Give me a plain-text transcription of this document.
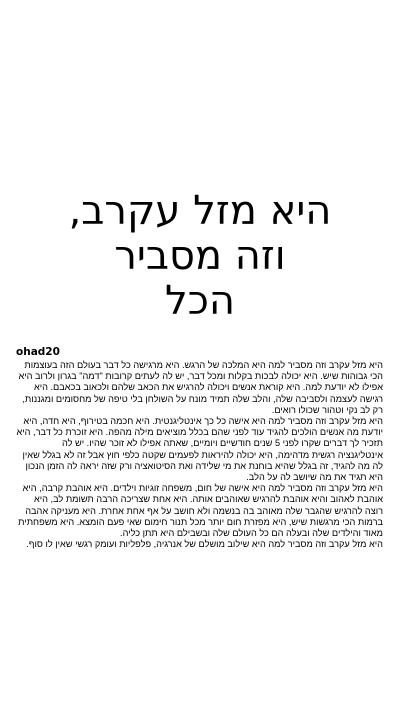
היא מזל עקרב,
וזה מסביר
הכל
ohad20

היא מזל עקרב וזה מסביר למה היא המלכה של הרגש. היא מרגישה כל דבר בעולם הזה בעוצמות הכי גבוהות שיש. היא יכולה לבכות בקלות ומכל דבר, יש לה לעתים קרובות "דמה" בגרון ולרוב היא אפילו לא יודעת למה. היא קוראת אנשים ויכולה להרגיש את הכאב שלהם ולכאוב בכאבם. היא רגישה לעצמה ולסביבה שלה, והלב שלה תמיד מונח על השולחן בלי טיפה של מחסומים ומגננות, רק לב נקי וטהור שכולו רואים.

היא מזל עקרב וזה מסביר למה היא אישה כל כך אינטליגנטית. היא חכמה בטירוף, היא חדה, היא יודעת מה אנשים הולכים להגיד עוד לפני שהם בכלל מוציאים מילה מהפה. היא זוכרת כל דבר, היא תזכיר לך דברים שקרו לפני 5 שנים חודשיים ויומיים, שאתה אפילו לא זוכר שהיו. יש לה אינטליגנציה רגשית מדהימה, היא יכולה להיראות לפעמים שקטה כלפי חוץ אבל זה לא בגלל שאין לה מה להגיד, זה בגלל שהיא בוחנת את מי שלידה ואת הסיטואציה ורק שזה יראה לה הזמן הנכון היא תגיד את מה שיושב לה על הלב.

היא מזל עקרב וזה מסביר למה היא אישה של חום, משפחה זוגיות וילדים. היא אוהבת קרבה, היא אוהבת לאהוב והיא אוהבת להרגיש שאוהבים אותה. היא אחת שצריכה הרבה תשומת לב, היא רוצה להרגיש שהגבר שלה מאוהב בה בנשמה ולא חושב על אף אחת אחרת. היא מעניקה אהבה ברמות הכי מרגשות שיש, היא מפזרת חום יותר מכל תנור חימום שאי פעם הומצא. היא משפחתית מאוד והילדים שלה ובעלה הם כל העולם שלה ובשבילם היא תתן כליה.

היא מזל עקרב וזה מסביר למה היא שילוב מושלם של אנרגיה, פלפליות ועומק רגשי שאין לו סוף.
